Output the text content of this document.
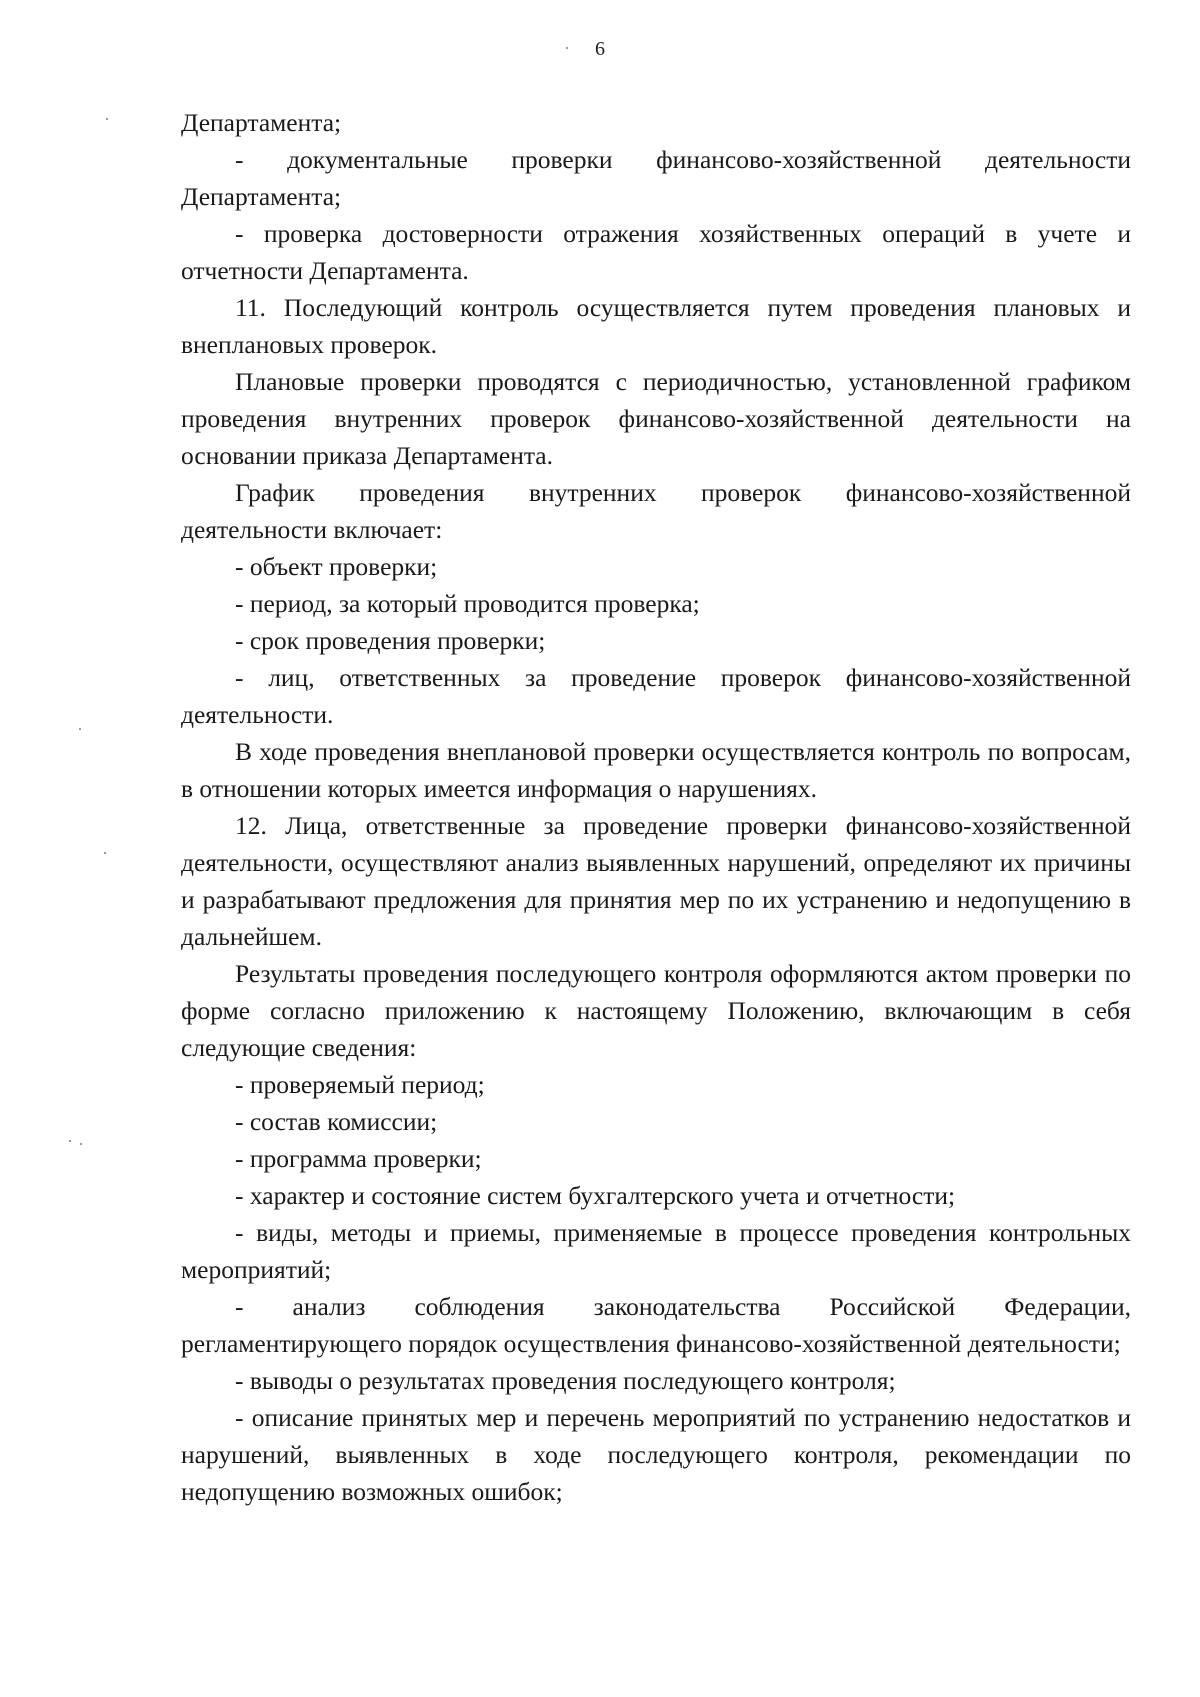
6

Департамента;

- документальные проверки финансово-хозяйственной деятельности Департамента;

- проверка достоверности отражения хозяйственных операций в учете и отчетности Департамента.

11. Последующий контроль осуществляется путем проведения плановых и внеплановых проверок.

Плановые проверки проводятся с периодичностью, установленной графиком проведения внутренних проверок финансово-хозяйственной деятельности на основании приказа Департамента.

График проведения внутренних проверок финансово-хозяйственной деятельности включает:

- объект проверки;

- период, за который проводится проверка;

- срок проведения проверки;

- лиц, ответственных за проведение проверок финансово-хозяйственной деятельности.

В ходе проведения внеплановой проверки осуществляется контроль по вопросам, в отношении которых имеется информация о нарушениях.

12. Лица, ответственные за проведение проверки финансово-хозяйственной деятельности, осуществляют анализ выявленных нарушений, определяют их причины и разрабатывают предложения для принятия мер по их устранению и недопущению в дальнейшем.

Результаты проведения последующего контроля оформляются актом проверки по форме согласно приложению к настоящему Положению, включающим в себя следующие сведения:

- проверяемый период;

- состав комиссии;

- программа проверки;

- характер и состояние систем бухгалтерского учета и отчетности;

- виды, методы и приемы, применяемые в процессе проведения контрольных мероприятий;

- анализ соблюдения законодательства Российской Федерации, регламентирующего порядок осуществления финансово-хозяйственной деятельности;

- выводы о результатах проведения последующего контроля;

- описание принятых мер и перечень мероприятий по устранению недостатков и нарушений, выявленных в ходе последующего контроля, рекомендации по недопущению возможных ошибок;
